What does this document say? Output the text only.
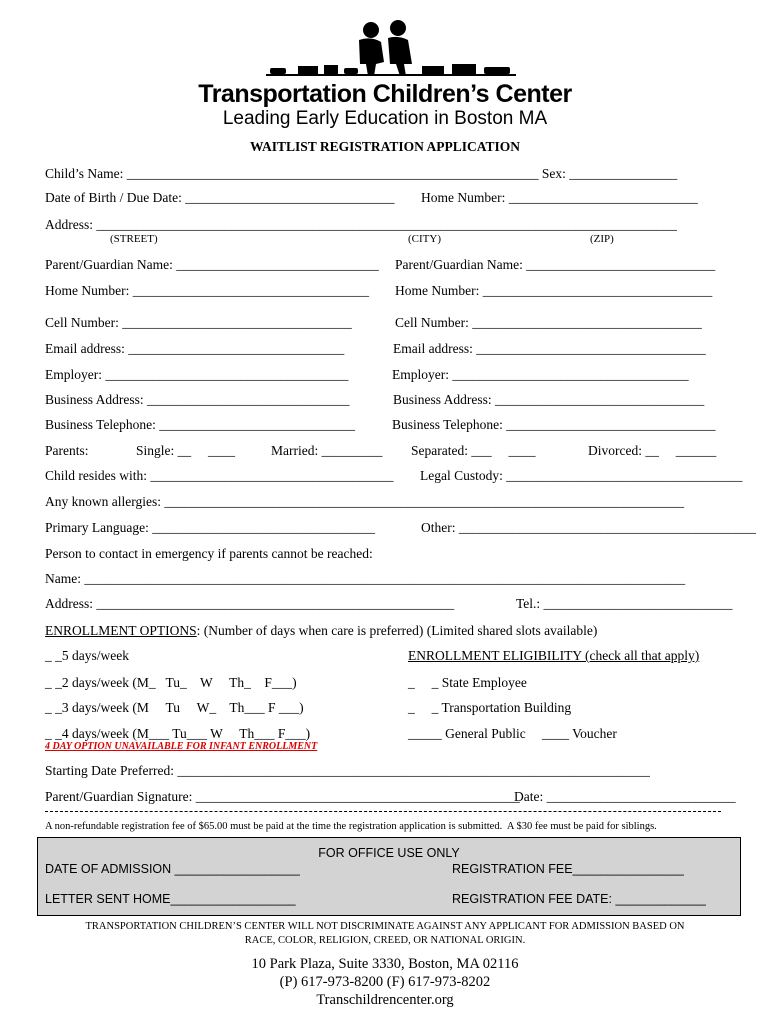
Transportation Children’s Center
Leading Early Education in Boston MA
WAITLIST REGISTRATION APPLICATION
Child’s Name: _____________________________________________________________ Sex: ________________
Date of Birth / Due Date: _______________________________ Home Number: ____________________________
Address: ______________________________________________________________________________________
(STREET)	(CITY)	(ZIP)
Parent/Guardian Name: ______________________________ Parent/Guardian Name: ____________________________
Home Number: ___________________________________ Home Number: __________________________________
Cell Number: __________________________________	Cell Number: __________________________________
Email address: ________________________________	Email address: __________________________________
Employer: ____________________________________	Employer: ___________________________________
Business Address: ______________________________	Business Address: _______________________________
Business Telephone: _____________________________	Business Telephone: _______________________________
Parents:	Single: __     ____	Married: _________ Separated: ___     ____	Divorced: __     ______
Child resides with: ____________________________________ Legal Custody: ___________________________________
Any known allergies: _____________________________________________________________________________
Primary Language: _________________________________	Other: ____________________________________________
Person to contact in emergency if parents cannot be reached:
Name: _________________________________________________________________________________________
Address: _____________________________________________________	Tel.: ____________________________
ENROLLMENT OPTIONS: (Number of days when care is preferred) (Limited shared slots available)
_ _5 days/week	ENROLLMENT ELIGIBILITY (check all that apply)
_ _2 days/week (M_   Tu_    W     Th_    F___)	_     _ State Employee
_ _3 days/week (M     Tu     W_    Th___ F ___)	_     _ Transportation Building
_ _4 days/week (M___ Tu___ W     Th___ F___)	_____ General Public ____ Voucher
4 DAY OPTION UNAVAILABLE FOR INFANT ENROLLMENT
Starting Date Preferred: ______________________________________________________________________
Parent/Guardian Signature: ________________________________________________
Date: ____________________________
A non-refundable registration fee of $65.00 must be paid at the time the registration application is submitted.  A $30 fee must be paid for siblings.
FOR OFFICE USE ONLY
DATE OF ADMISSION __________________	REGISTRATION FEE________________
LETTER SENT HOME__________________	REGISTRATION FEE DATE: _____________
TRANSPORTATION CHILDREN’S CENTER WILL NOT DISCRIMINATE AGAINST ANY APPLICANT FOR ADMISSION BASED ON
RACE, COLOR, RELIGION, CREED, OR NATIONAL ORIGIN.
10 Park Plaza, Suite 3330, Boston, MA 02116
(P) 617-973-8200 (F) 617-973-8202
Transchildrencenter.org
